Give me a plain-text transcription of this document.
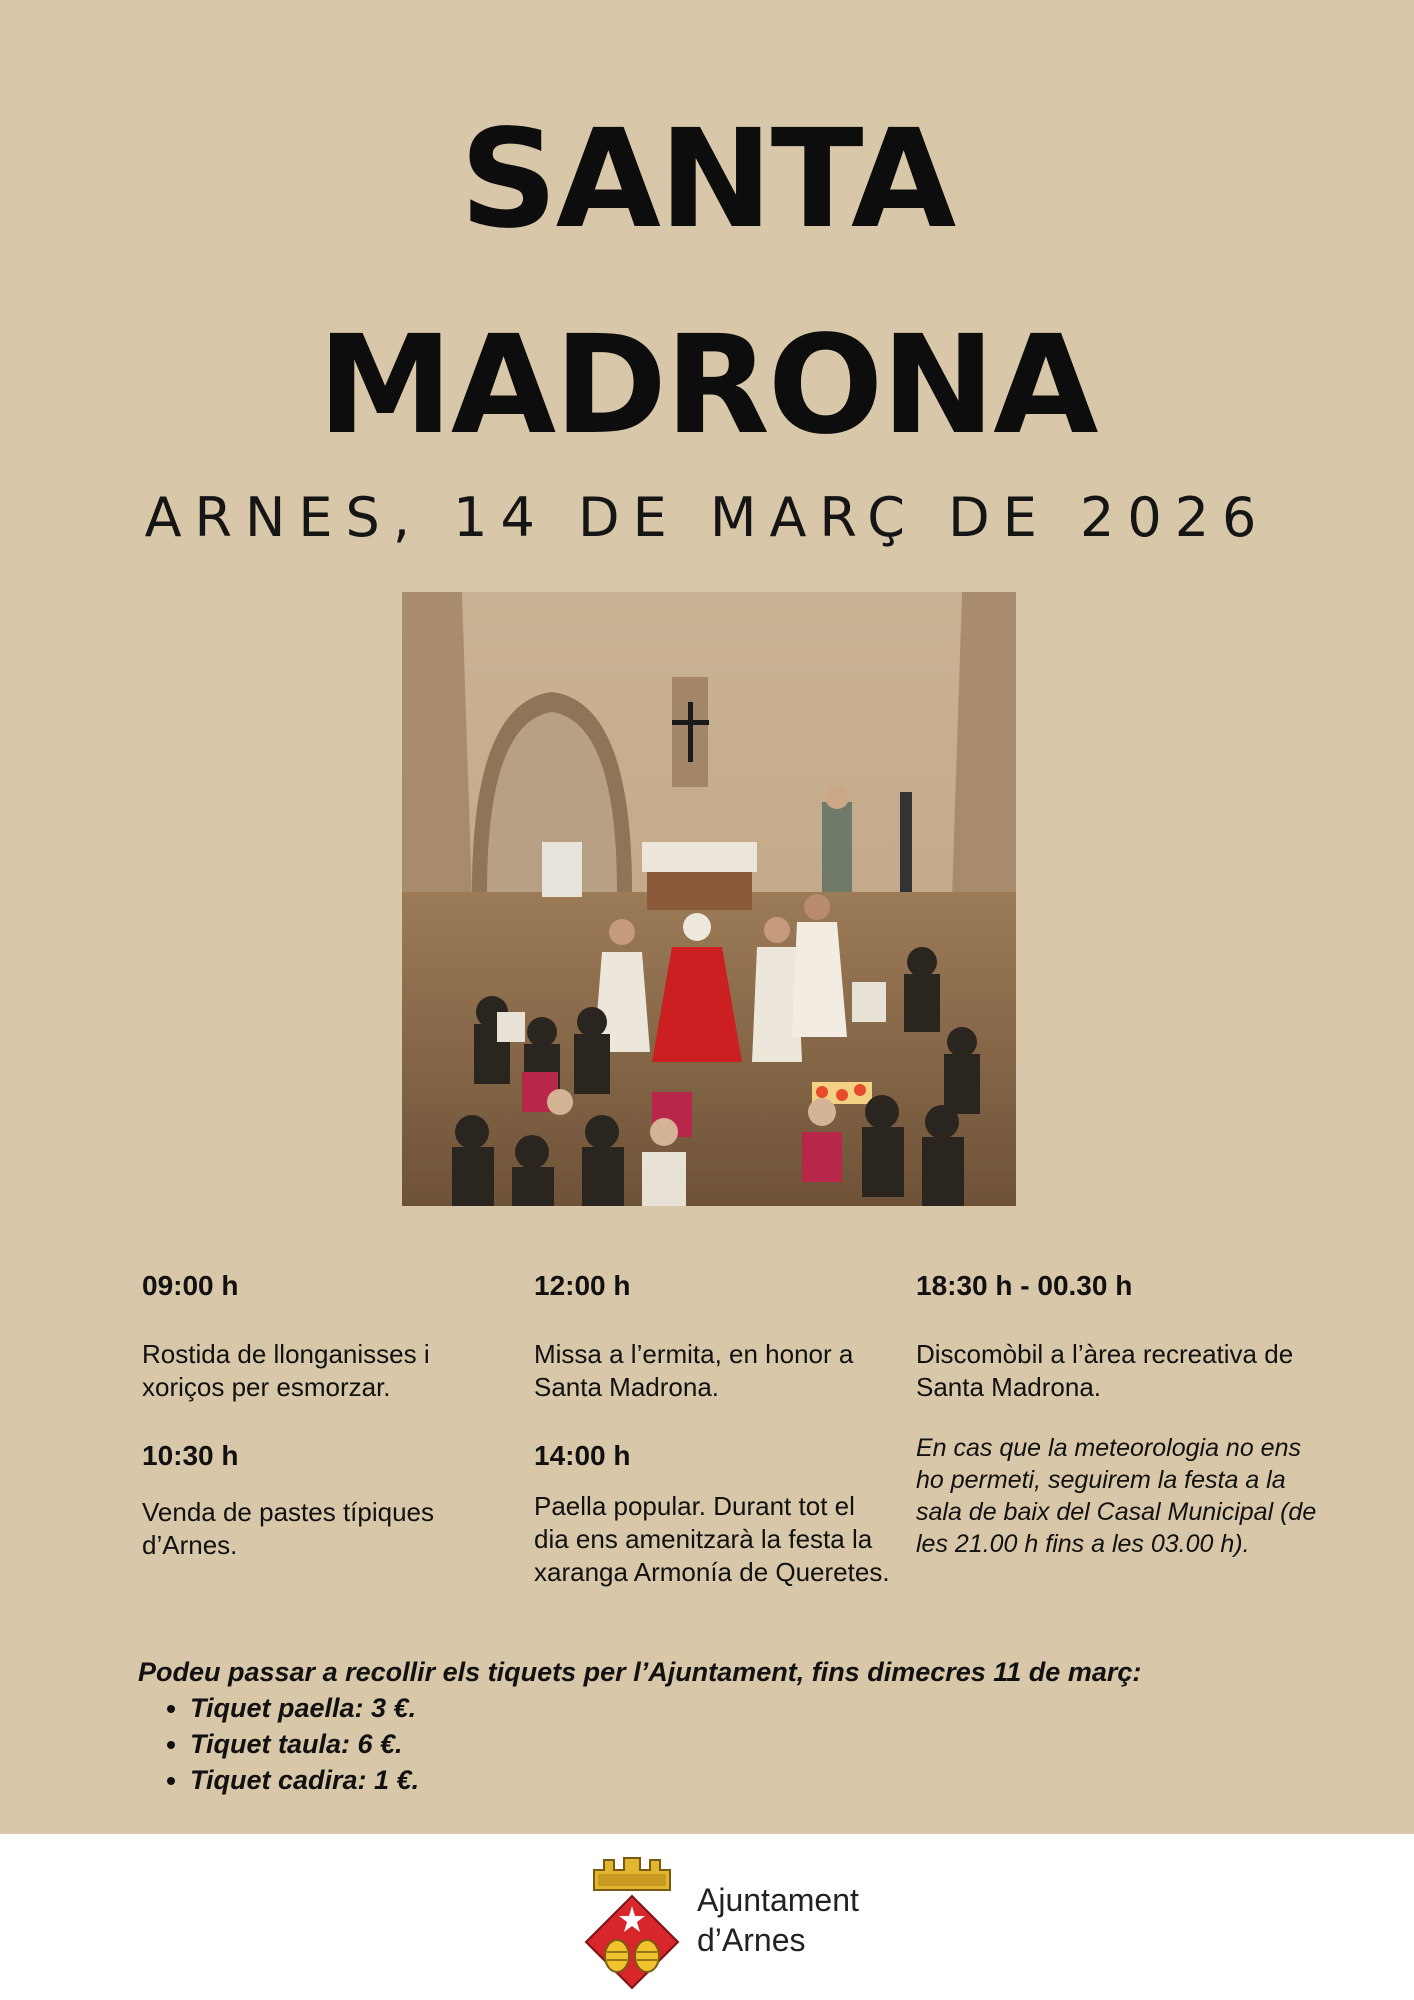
SANTA
MADRONA
ARNES, 14 DE MARÇ DE 2026

09:00 h

Rostida de llonganisses i xoriços per esmorzar.

10:30 h

Venda de pastes típiques d’Arnes.

12:00 h

Missa a l’ermita, en honor a Santa Madrona.

14:00 h

Paella popular. Durant tot el dia ens amenitzarà la festa la xaranga Armonía de Queretes.

18:30 h - 00.30 h

Discomòbil a l’àrea recreativa de Santa Madrona.

En cas que la meteorologia no ens ho permeti, seguirem la festa a la sala de baix del Casal Municipal (de les 21.00 h fins a les 03.00 h).

Podeu passar a recollir els tiquets per l’Ajuntament, fins dimecres 11 de març:
• Tiquet paella: 3 €.
• Tiquet taula: 6 €.
• Tiquet cadira: 1 €.
Ajuntament
d’Arnes
